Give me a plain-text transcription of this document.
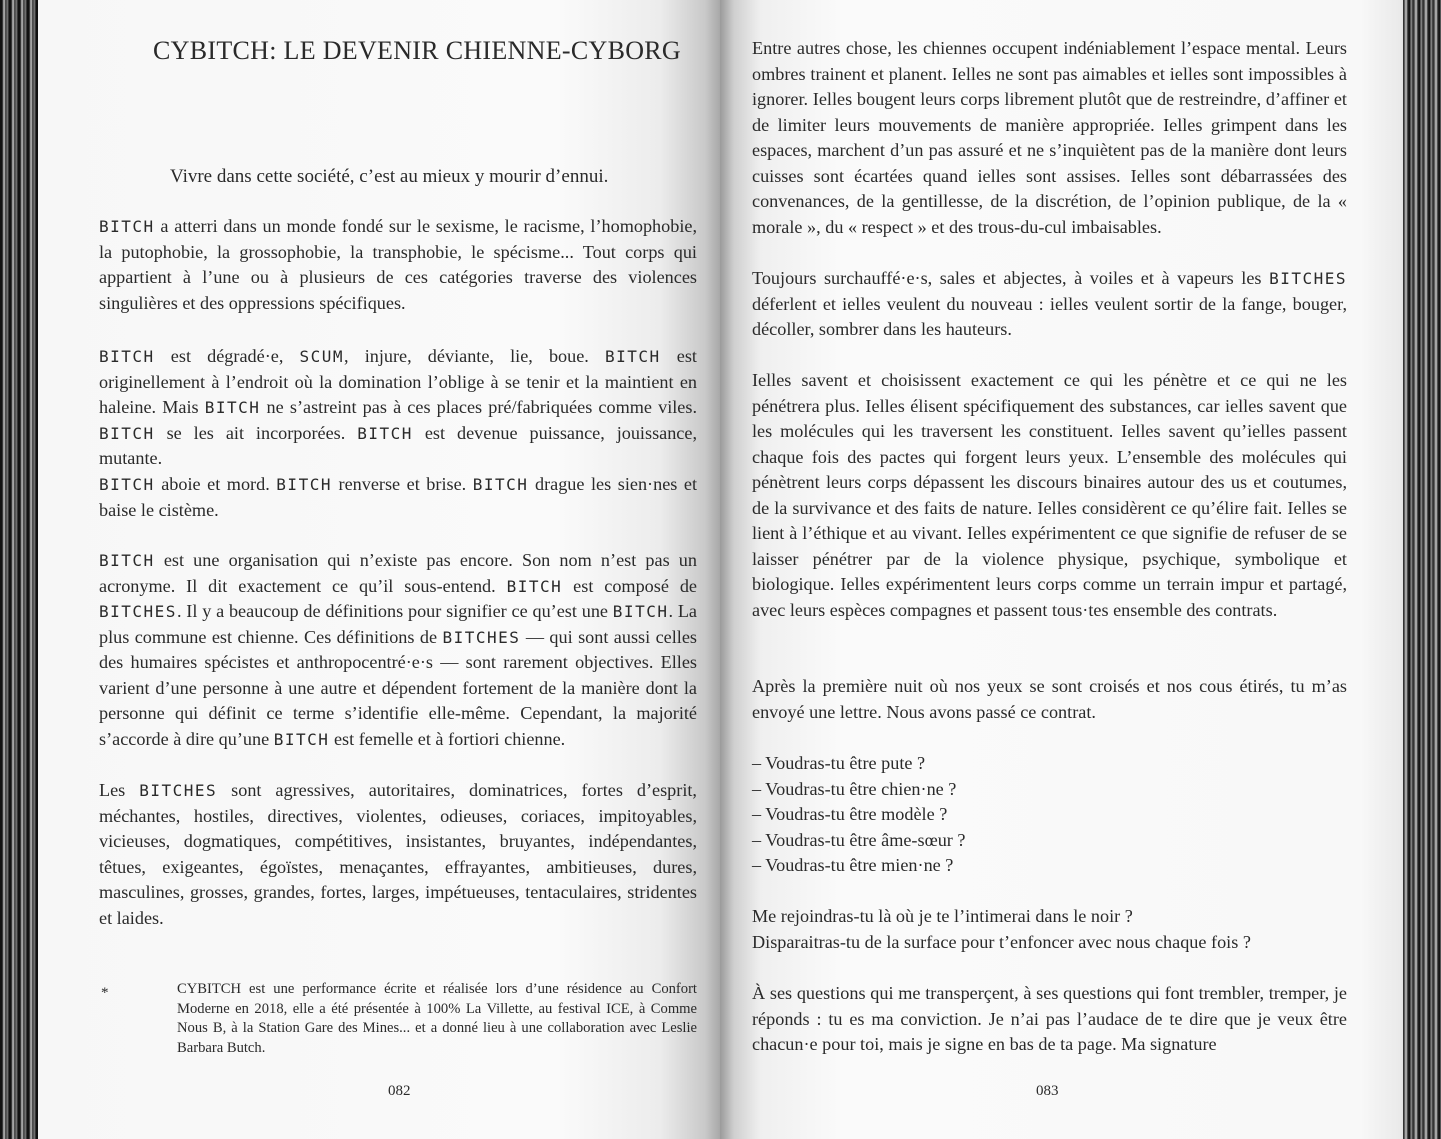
CYBITCH: LE DEVENIR CHIENNE-CYBORG
Vivre dans cette société, c’est au mieux y mourir d’ennui.

BITCH a atterri dans un monde fondé sur le sexisme, le racisme, l’homophobie, la putophobie, la grossophobie, la transphobie, le spécisme... Tout corps qui appartient à l’une ou à plusieurs de ces catégories traverse des violences singulières et des oppressions spécifiques.

BITCH est dégradé·e, SCUM, injure, déviante, lie, boue. BITCH est originellement à l’endroit où la domination l’oblige à se tenir et la maintient en haleine. Mais BITCH ne s’astreint pas à ces places pré/fabriquées comme viles. BITCH se les ait incorporées. BITCH est devenue puissance, jouissance, mutante.

BITCH aboie et mord. BITCH renverse et brise. BITCH drague les sien·nes et baise le cistème.

BITCH est une organisation qui n’existe pas encore. Son nom n’est pas un acronyme. Il dit exactement ce qu’il sous-entend. BITCH est composé de BITCHES. Il y a beaucoup de définitions pour signifier ce qu’est une BITCH. La plus commune est chienne. Ces définitions de BITCHES — qui sont aussi celles des humaires spécistes et anthropocentré·e·s — sont rarement objectives. Elles varient d’une personne à une autre et dépendent fortement de la manière dont la personne qui définit ce terme s’identifie elle-même. Cependant, la majorité s’accorde à dire qu’une BITCH est femelle et à fortiori chienne.

Les BITCHES sont agressives, autoritaires, dominatrices, fortes d’esprit, méchantes, hostiles, directives, violentes, odieuses, coriaces, impitoyables, vicieuses, dogmatiques, compétitives, insistantes, bruyantes, indépendantes, têtues, exigeantes, égoïstes, menaçantes, effrayantes, ambitieuses, dures, masculines, grosses, grandes, fortes, larges, impétueuses, tentaculaires, stridentes et laides.

*	CYBITCH est une performance écrite et réalisée lors d’une résidence au Confort Moderne en 2018, elle a été présentée à 100% La Villette, au festival ICE, à Comme Nous B, à la Station Gare des Mines... et a donné lieu à une collaboration avec Leslie Barbara Butch.

082

Entre autres chose, les chiennes occupent indéniablement l’espace mental. Leurs ombres trainent et planent. Ielles ne sont pas aimables et ielles sont impossibles à ignorer. Ielles bougent leurs corps librement plutôt que de restreindre, d’affiner et de limiter leurs mouvements de manière appropriée. Ielles grimpent dans les espaces, marchent d’un pas assuré et ne s’inquiètent pas de la manière dont leurs cuisses sont écartées quand ielles sont assises. Ielles sont débarrassées des convenances, de la gentillesse, de la discrétion, de l’opinion publique, de la « morale », du « respect » et des trous-du-cul imbaisables.

Toujours surchauffé·e·s, sales et abjectes, à voiles et à vapeurs les BITCHES déferlent et ielles veulent du nouveau : ielles veulent sortir de la fange, bouger, décoller, sombrer dans les hauteurs.

Ielles savent et choisissent exactement ce qui les pénètre et ce qui ne les pénétrera plus. Ielles élisent spécifiquement des substances, car ielles savent que les molécules qui les traversent les constituent. Ielles savent qu’ielles passent chaque fois des pactes qui forgent leurs yeux. L’ensemble des molécules qui pénètrent leurs corps dépassent les discours binaires autour des us et coutumes, de la survivance et des faits de nature. Ielles considèrent ce qu’élire fait. Ielles se lient à l’éthique et au vivant. Ielles expérimentent ce que signifie de refuser de se laisser pénétrer par de la violence physique, psychique, symbolique et biologique. Ielles expérimentent leurs corps comme un terrain impur et partagé, avec leurs espèces compagnes et passent tous·tes ensemble des contrats.

Après la première nuit où nos yeux se sont croisés et nos cous étirés, tu m’as envoyé une lettre. Nous avons passé ce contrat.

– Voudras-tu être pute ?
– Voudras-tu être chien·ne ?
– Voudras-tu être modèle ?
– Voudras-tu être âme-sœur ?
– Voudras-tu être mien·ne ?
Me rejoindras-tu là où je te l’intimerai dans le noir ?
Disparaitras-tu de la surface pour t’enfoncer avec nous chaque fois ?

À ses questions qui me transperçent, à ses questions qui font trembler, tremper, je réponds : tu es ma conviction. Je n’ai pas l’audace de te dire que je veux être chacun·e pour toi, mais je signe en bas de ta page. Ma signature

083
